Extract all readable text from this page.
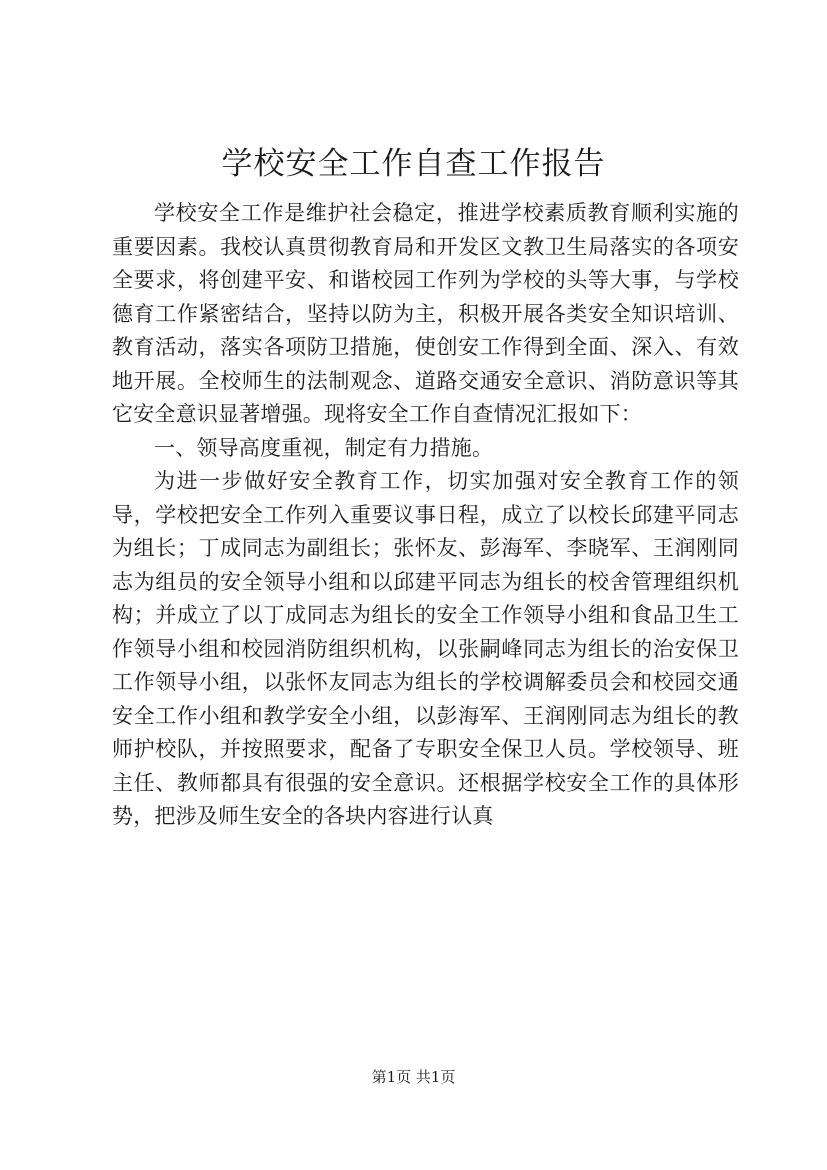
学校安全工作自查工作报告

学校安全工作是维护社会稳定，推进学校素质教育顺利实施的重要因素。我校认真贯彻教育局和开发区文教卫生局落实的各项安全要求，将创建平安、和谐校园工作列为学校的头等大事，与学校德育工作紧密结合，坚持以防为主，积极开展各类安全知识培训、教育活动，落实各项防卫措施，使创安工作得到全面、深入、有效地开展。全校师生的法制观念、道路交通安全意识、消防意识等其它安全意识显著增强。现将安全工作自查情况汇报如下：

一、领导高度重视，制定有力措施。

为进一步做好安全教育工作，切实加强对安全教育工作的领导，学校把安全工作列入重要议事日程，成立了以校长邱建平同志为组长；丁成同志为副组长；张怀友、彭海军、李晓军、王润刚同志为组员的安全领导小组和以邱建平同志为组长的校舍管理组织机构；并成立了以丁成同志为组长的安全工作领导小组和食品卫生工作领导小组和校园消防组织机构，以张嗣峰同志为组长的治安保卫工作领导小组，以张怀友同志为组长的学校调解委员会和校园交通安全工作小组和教学安全小组，以彭海军、王润刚同志为组长的教师护校队，并按照要求，配备了专职安全保卫人员。学校领导、班主任、教师都具有很强的安全意识。还根据学校安全工作的具体形势，把涉及师生安全的各块内容进行认真

第1页 共1页
